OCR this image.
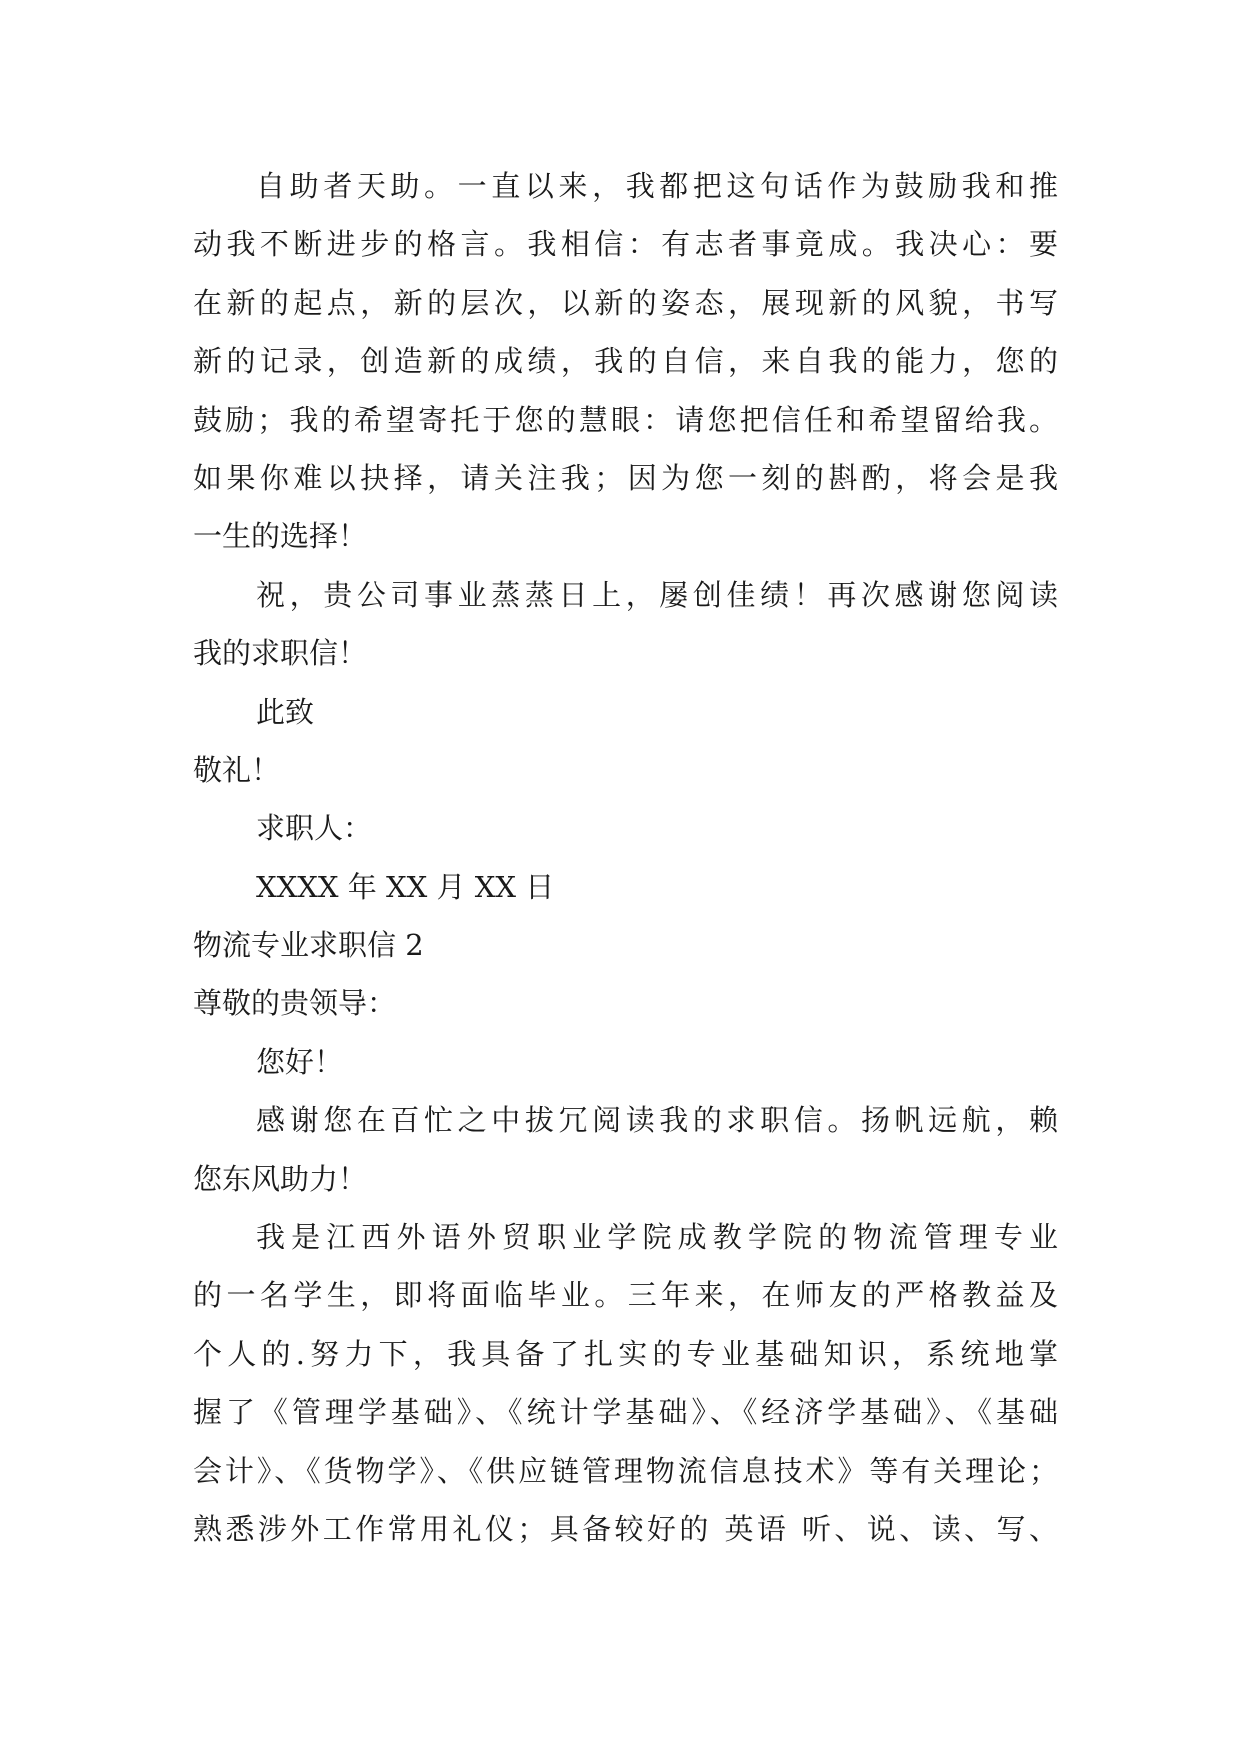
自助者天助。一直以来，我都把这句话作为鼓励我和推
动我不断进步的格言。我相信：有志者事竟成。我决心：要
在新的起点，新的层次，以新的姿态，展现新的风貌，书写
新的记录，创造新的成绩，我的自信，来自我的能力，您的
鼓励；我的希望寄托于您的慧眼：请您把信任和希望留给我。
如果你难以抉择，请关注我；因为您一刻的斟酌，将会是我
一生的选择！
祝，贵公司事业蒸蒸日上，屡创佳绩！再次感谢您阅读
我的求职信！
此致
敬礼！
求职人：
XXXX 年 XX 月 XX 日
物流专业求职信 2
尊敬的贵领导：
您好！
感谢您在百忙之中拔冗阅读我的求职信。扬帆远航，赖
您东风助力！
我是江西外语外贸职业学院成教学院的物流管理专业
的一名学生，即将面临毕业。三年来，在师友的严格教益及
个人的.努力下，我具备了扎实的专业基础知识，系统地掌
握了《管理学基础》、《统计学基础》、《经济学基础》、《基础
会计》、《货物学》、《供应链管理物流信息技术》等有关理论；
熟悉涉外工作常用礼仪；具备较好的 英语 听、说、读、写、
